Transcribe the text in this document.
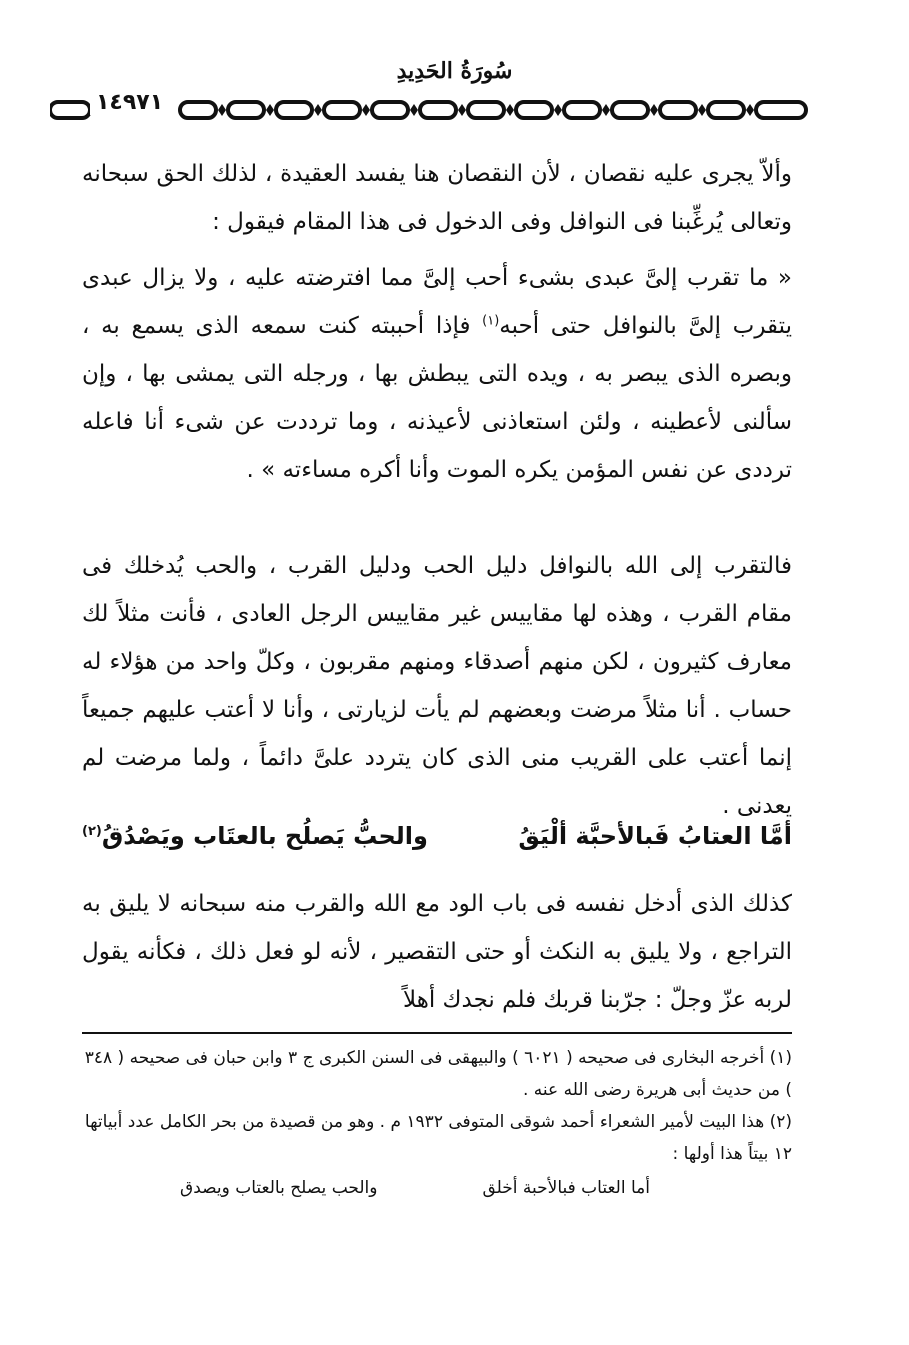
سُورَةُ الحَدِيدِ
١٤٩٧١
وألاّ يجرى عليه نقصان ، لأن النقصان هنا يفسد العقيدة ، لذلك الحق سبحانه وتعالى يُرغِّبنا فى النوافل وفى الدخول فى هذا المقام فيقول :
« ما تقرب إلىَّ عبدى بشىء أحب إلىَّ مما افترضته عليه ، ولا يزال عبدى يتقرب إلىَّ بالنوافل حتى أحبه$^{(١)}$ فإذا أحببته كنت سمعه الذى يسمع به ، وبصره الذى يبصر به ، ويده التى يبطش بها ، ورجله التى يمشى بها ، وإن سألنى لأعطينه ، ولئن استعاذنى لأعيذنه ، وما ترددت عن شىء أنا فاعله ترددى عن نفس المؤمن يكره الموت وأنا أكره مساءته » .
فالتقرب إلى الله بالنوافل دليل الحب ودليل القرب ، والحب يُدخلك فى مقام القرب ، وهذه لها مقاييس غير مقاييس الرجل العادى ، فأنت مثلاً لك معارف كثيرون ، لكن منهم أصدقاء ومنهم مقربون ، وكلّ واحد من هؤلاء له حساب . أنا مثلاً مرضت وبعضهم لم يأت لزيارتى ، وأنا لا أعتب عليهم جميعاً إنما أعتب على القريب منى الذى كان يتردد علىَّ دائماً ، ولما مرضت لم يعدنى .
أمَّا العتابُ فَبالأحبَّة ألْيَقُ
والحبُّ يَصلُح بالعتَاب ويَصْدُقُ$^{(٢)}$
كذلك الذى أدخل نفسه فى باب الود مع الله والقرب منه سبحانه لا يليق به التراجع ، ولا يليق به النكث أو حتى التقصير ، لأنه لو فعل ذلك ، فكأنه يقول لربه عزّ وجلّ : جرّبنا قربك فلم نجدك أهلاً
(١) أخرجه البخارى فى صحيحه ( ٦٠٢١ ) والبيهقى فى السنن الكبرى ج ٣ وابن حبان فى صحيحه ( ٣٤٨ ) من حديث أبى هريرة رضى الله عنه .
(٢) هذا البيت لأمير الشعراء أحمد شوقى المتوفى ١٩٣٢ م . وهو من قصيدة من بحر الكامل عدد أبياتها ١٢ بيتاً هذا أولها :
أما العتاب فبالأحبة أخلق
والحب يصلح بالعتاب ويصدق
